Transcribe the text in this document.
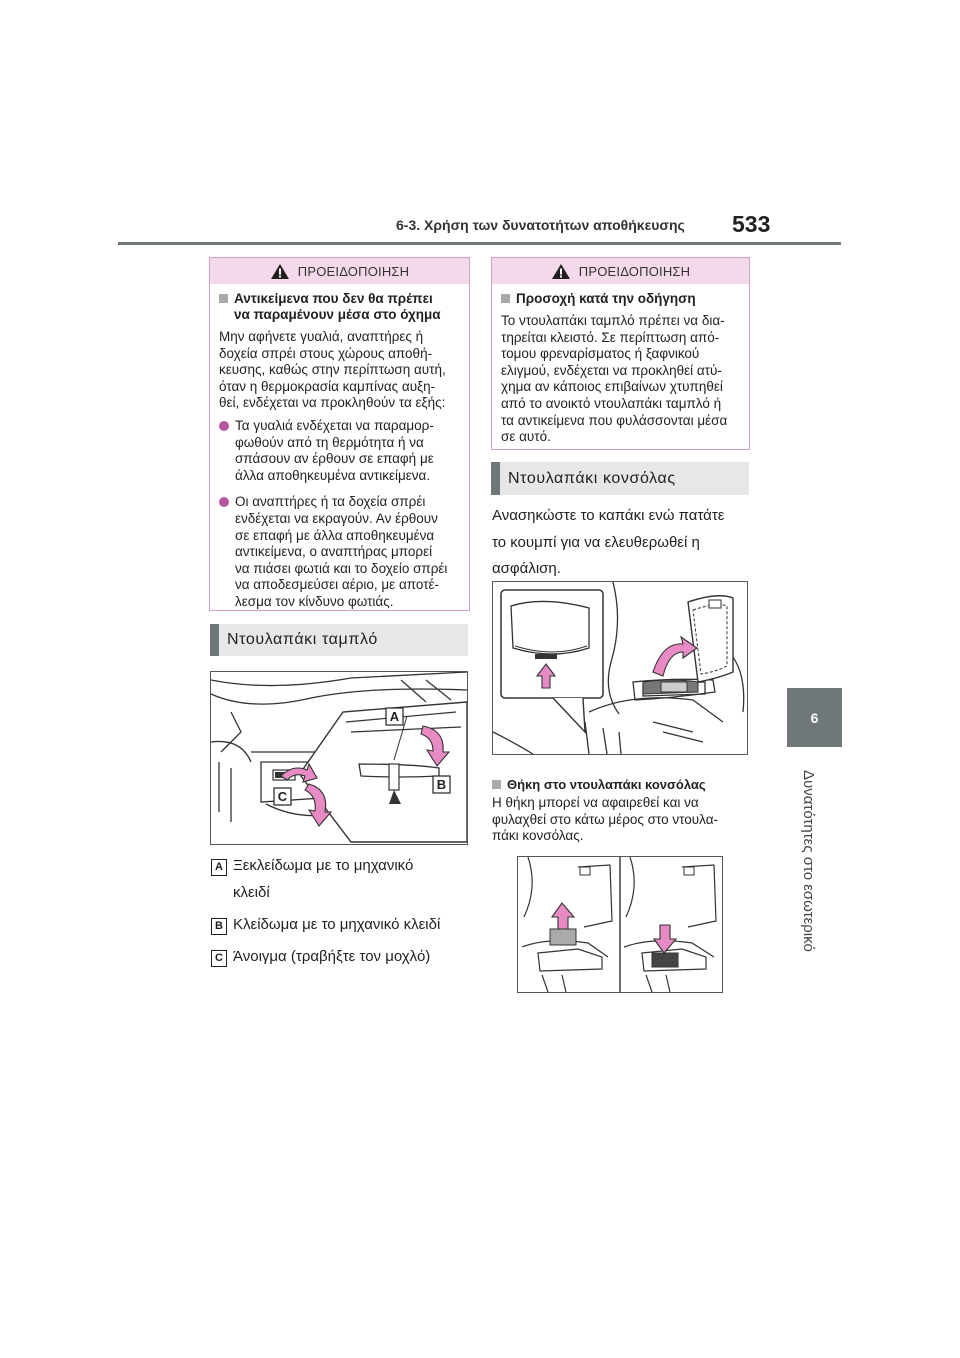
6-3. Χρήση των δυνατοτήτων αποθήκευσης 533
6
Δυνατότητες στο εσωτερικό
ΠΡΟΕΙΔΟΠΟΙΗΣΗ
Αντικείμενα που δεν θα πρέπει
να παραμένουν μέσα στο όχημα
Μην αφήνετε γυαλιά, αναπτήρες ή
δοχεία σπρέι στους χώρους αποθή-
κευσης, καθώς στην περίπτωση αυτή,
όταν η θερμοκρασία καμπίνας αυξη-
θεί, ενδέχεται να προκληθούν τα εξής:
Τα γυαλιά ενδέχεται να παραμορ-
φωθούν από τη θερμότητα ή να
σπάσουν αν έρθουν σε επαφή με
άλλα αποθηκευμένα αντικείμενα.
Οι αναπτήρες ή τα δοχεία σπρέι
ενδέχεται να εκραγούν. Αν έρθουν
σε επαφή με άλλα αποθηκευμένα
αντικείμενα, ο αναπτήρας μπορεί
να πιάσει φωτιά και το δοχείο σπρέι
να αποδεσμεύσει αέριο, με αποτέ-
λεσμα τον κίνδυνο φωτιάς.
Ντουλαπάκι ταμπλό
A
B
C
A Ξεκλείδωμα με το μηχανικό
κλειδί
B Κλείδωμα με το μηχανικό κλειδί
C Άνοιγμα (τραβήξτε τον μοχλό)
ΠΡΟΕΙΔΟΠΟΙΗΣΗ
Προσοχή κατά την οδήγηση
Το ντουλαπάκι ταμπλό πρέπει να δια-
τηρείται κλειστό. Σε περίπτωση από-
τομου φρεναρίσματος ή ξαφνικού
ελιγμού, ενδέχεται να προκληθεί ατύ-
χημα αν κάποιος επιβαίνων χτυπηθεί
από το ανοικτό ντουλαπάκι ταμπλό ή
τα αντικείμενα που φυλάσσονται μέσα
σε αυτό.
Ντουλαπάκι κονσόλας
Ανασηκώστε το καπάκι ενώ πατάτε
το κουμπί για να ελευθερωθεί η
ασφάλιση.
Θήκη στο ντουλαπάκι κονσόλας
Η θήκη μπορεί να αφαιρεθεί και να
φυλαχθεί στο κάτω μέρος στο ντουλα-
πάκι κονσόλας.
